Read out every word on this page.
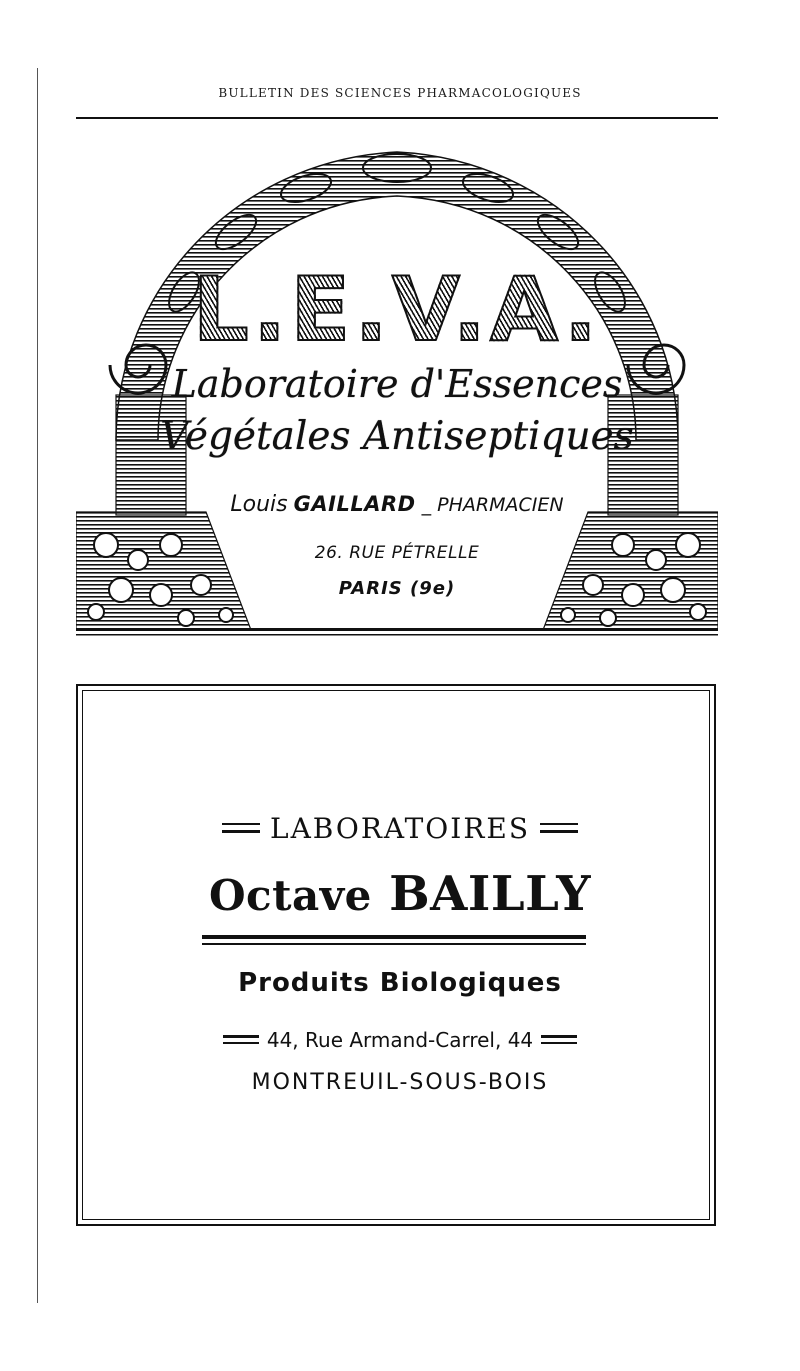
BULLETIN DES SCIENCES PHARMACOLOGIQUES
L.E.V.A.
Laboratoire d'Essences
Végétales Antiseptiques
Louis GAILLARD _ PHARMACIEN
26. RUE PÉTRELLE
PARIS (9e)
LABORATOIRES
Octave BAILLY
Produits Biologiques
44, Rue Armand-Carrel, 44
MONTREUIL-SOUS-BOIS
